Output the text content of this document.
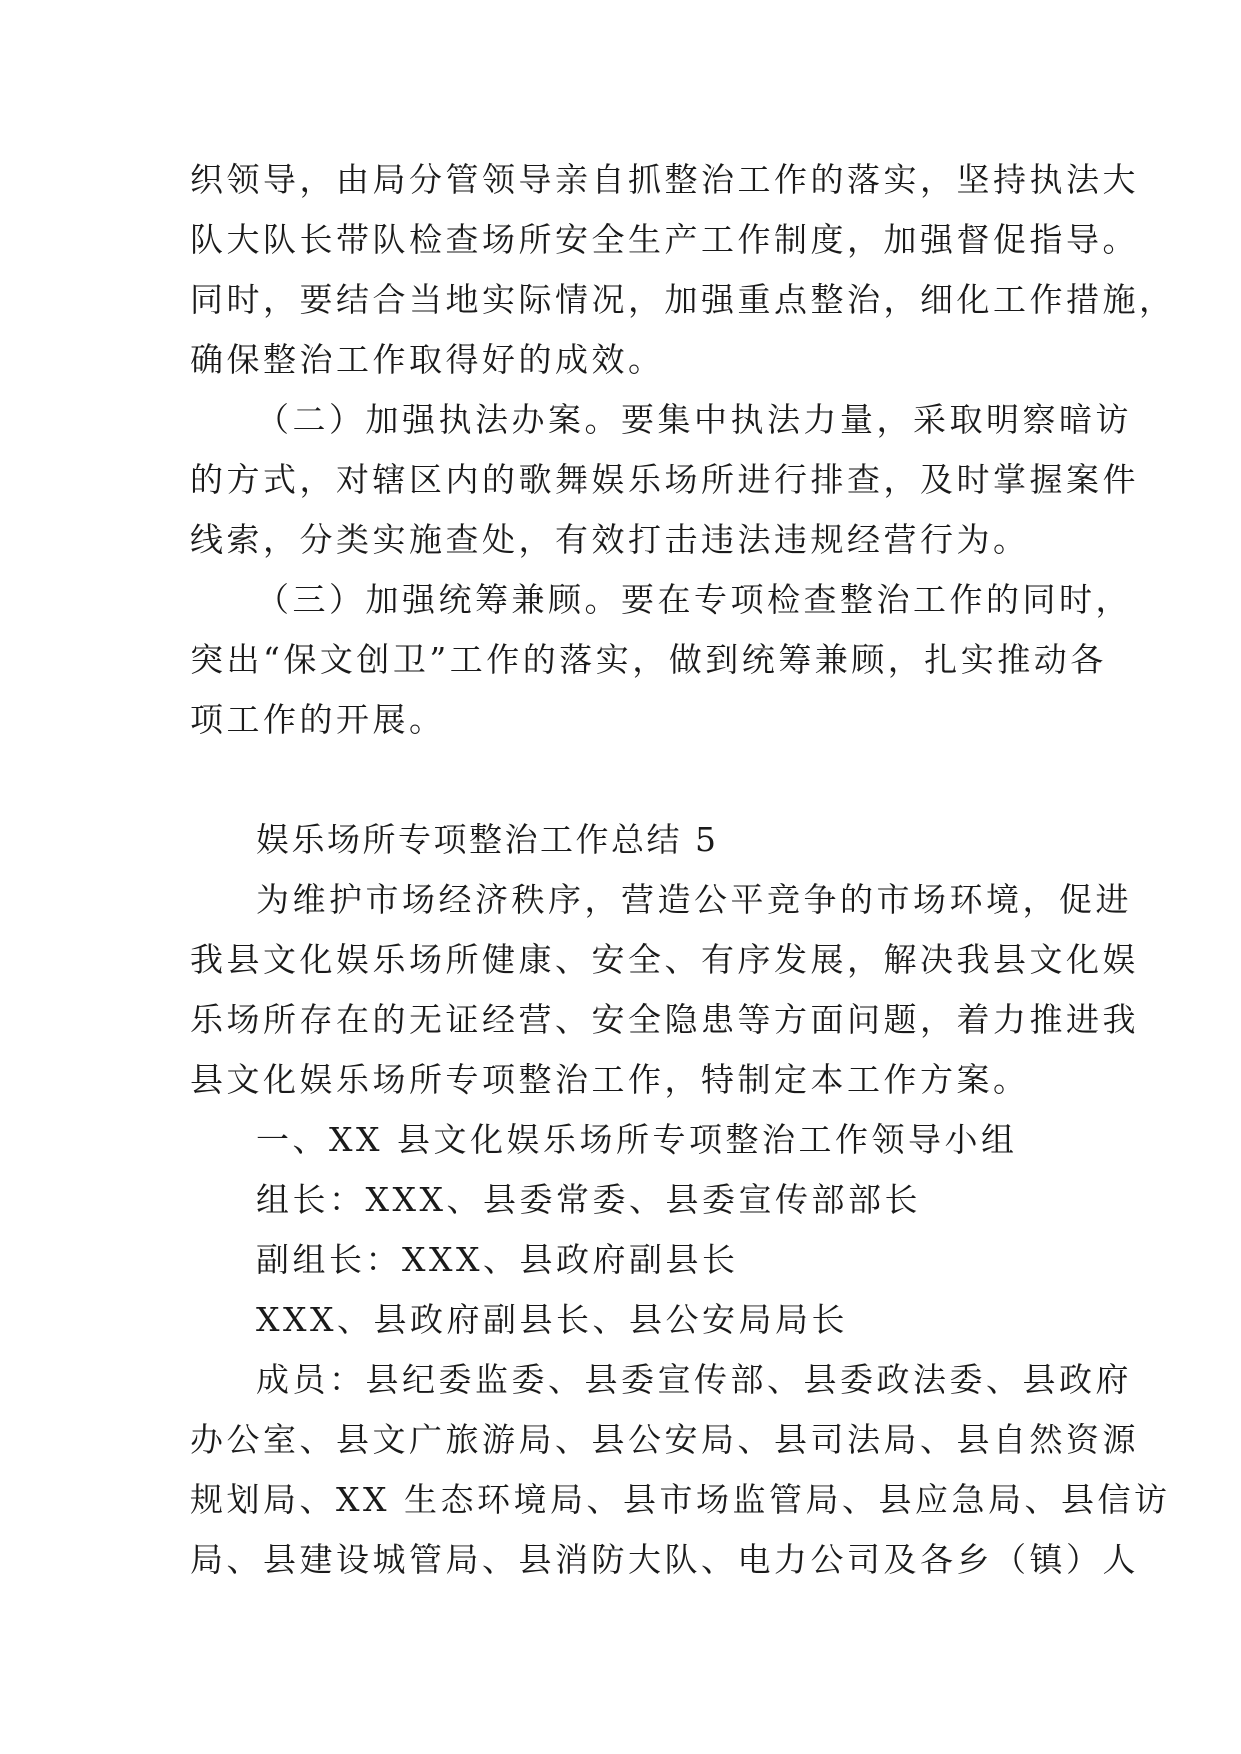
织领导，由局分管领导亲自抓整治工作的落实，坚持执法大
队大队长带队检查场所安全生产工作制度，加强督促指导。
同时，要结合当地实际情况，加强重点整治，细化工作措施，
确保整治工作取得好的成效。
（二）加强执法办案。要集中执法力量，采取明察暗访
的方式，对辖区内的歌舞娱乐场所进行排查，及时掌握案件
线索，分类实施查处，有效打击违法违规经营行为。
（三）加强统筹兼顾。要在专项检查整治工作的同时，
突出“保文创卫”工作的落实，做到统筹兼顾，扎实推动各
项工作的开展。
娱乐场所专项整治工作总结 5
为维护市场经济秩序，营造公平竞争的市场环境，促进
我县文化娱乐场所健康、安全、有序发展，解决我县文化娱
乐场所存在的无证经营、安全隐患等方面问题，着力推进我
县文化娱乐场所专项整治工作，特制定本工作方案。
一、XX 县文化娱乐场所专项整治工作领导小组
组长：XXX、县委常委、县委宣传部部长
副组长：XXX、县政府副县长
XXX、县政府副县长、县公安局局长
成员：县纪委监委、县委宣传部、县委政法委、县政府
办公室、县文广旅游局、县公安局、县司法局、县自然资源
规划局、XX 生态环境局、县市场监管局、县应急局、县信访
局、县建设城管局、县消防大队、电力公司及各乡（镇）人
